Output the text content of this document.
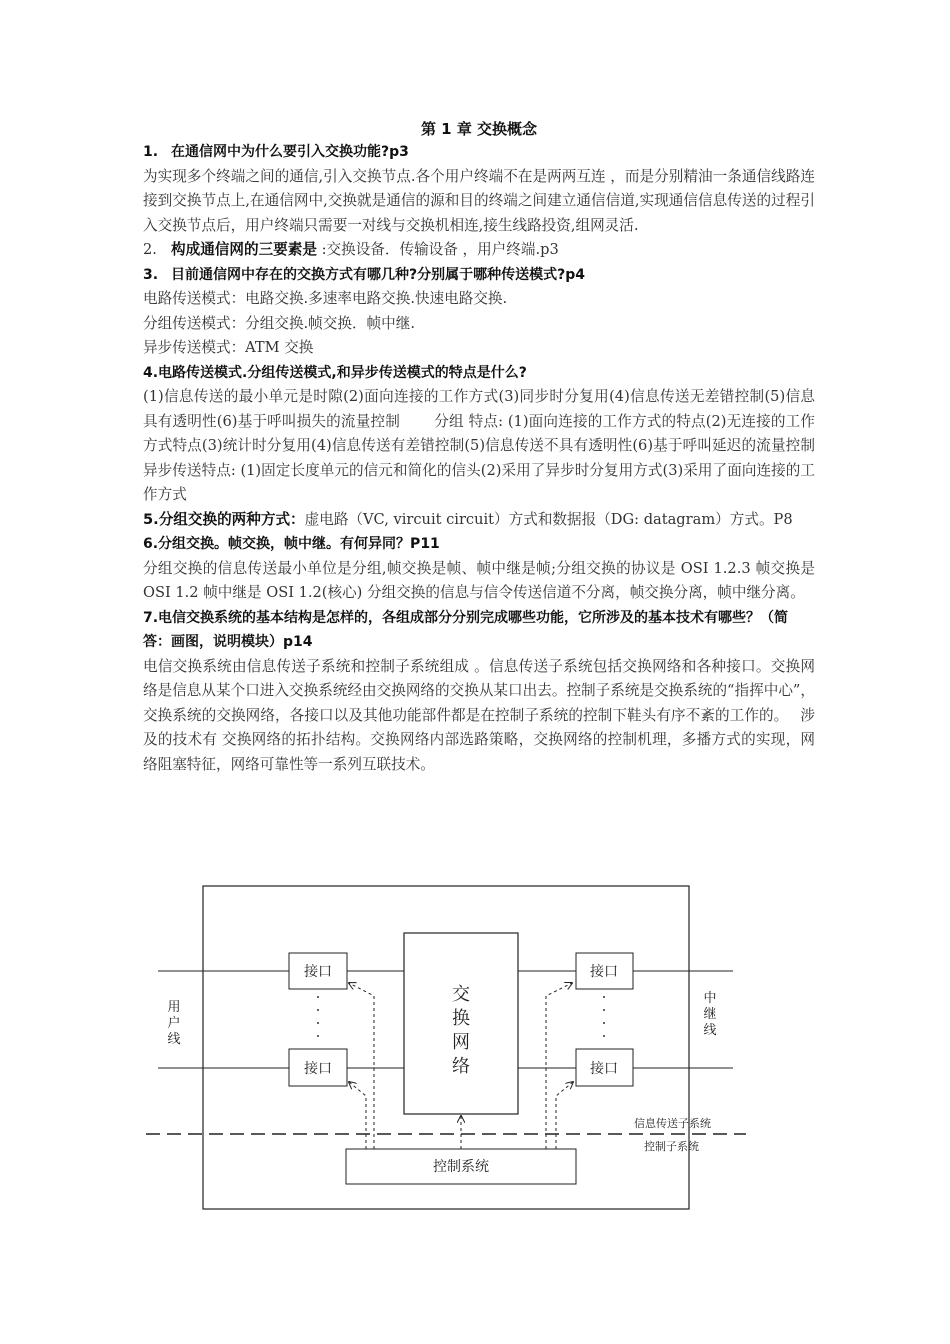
第 1 章 交换概念

1. 在通信网中为什么要引入交换功能?p3

为实现多个终端之间的通信,引入交换节点.各个用户终端不在是两两互连 ，而是分别精油一条通信线路连接到交换节点上,在通信网中,交换就是通信的源和目的终端之间建立通信信道,实现通信信息传送的过程引入交换节点后，用户终端只需要一对线与交换机相连,接生线路投资,组网灵活.

2. 构成通信网的三要素是 :交换设备．传输设备 ，用户终端.p3

3. 目前通信网中存在的交换方式有哪几种?分别属于哪种传送模式?p4

电路传送模式：电路交换.多速率电路交换.快速电路交换.

分组传送模式：分组交换.帧交换．帧中继.

异步传送模式：ATM 交换

4.电路传送模式.分组传送模式,和异步传送模式的特点是什么?

(1)信息传送的最小单元是时隙(2)面向连接的工作方式(3)同步时分复用(4)信息传送无差错控制(5)信息具有透明性(6)基于呼叫损失的流量控制　　 分组 特点: (1)面向连接的工作方式的特点(2)无连接的工作方式特点(3)统计时分复用(4)信息传送有差错控制(5)信息传送不具有透明性(6)基于呼叫延迟的流量控制　 异步传送特点: (1)固定长度单元的信元和简化的信头(2)采用了异步时分复用方式(3)采用了面向连接的工作方式

5.分组交换的两种方式：虚电路（VC, vircuit circuit）方式和数据报（DG: datagram）方式。P8

6.分组交换。帧交换，帧中继。有何异同？P11

分组交换的信息传送最小单位是分组,帧交换是帧、帧中继是帧;分组交换的协议是 OSI 1.2.3 帧交换是 OSI 1.2 帧中继是 OSI 1.2(核心) 分组交换的信息与信令传送信道不分离，帧交换分离，帧中继分离。

7.电信交换系统的基本结构是怎样的，各组成部分分别完成哪些功能，它所涉及的基本技术有哪些？（简答：画图，说明模块）p14

电信交换系统由信息传送子系统和控制子系统组成 。信息传送子系统包括交换网络和各种接口。交换网络是信息从某个口进入交换系统经由交换网络的交换从某口出去。控制子系统是交换系统的“指挥中心”，交换系统的交换网络，各接口以及其他功能部件都是在控制子系统的控制下鞋头有序不紊的工作的。　 涉及的技术有 交换网络的拓扑结构。交换网络内部选路策略，交换网络的控制机理，多播方式的实现，网络阻塞特征，网络可靠性等一系列互联技术。

接口
接口
接口
接口
交
换
网
络
用
户
线
中
继
线
信息传送子系统
控制子系统
控制系统
